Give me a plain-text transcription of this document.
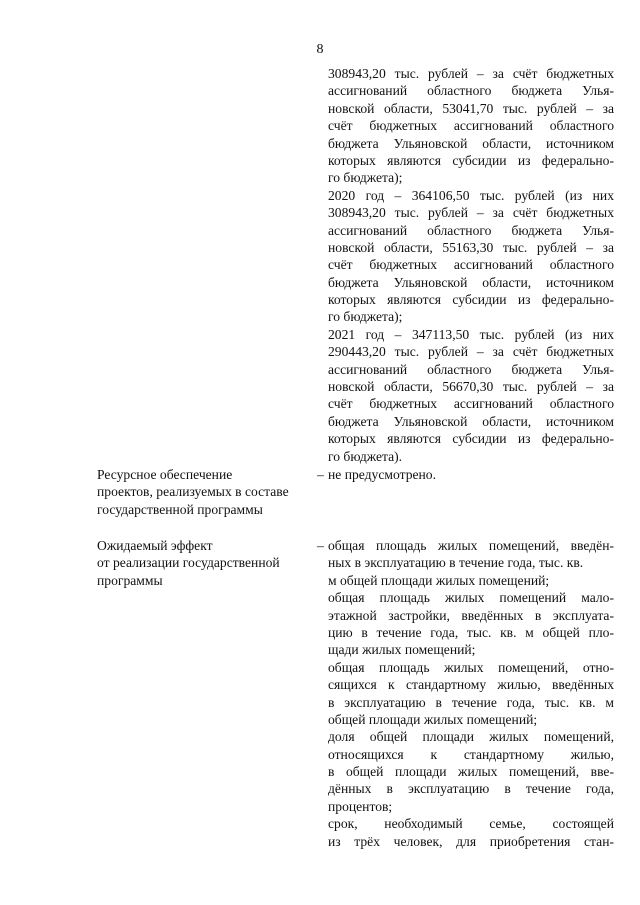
8
308943,20 тыс. рублей – за счёт бюджетных
ассигнований областного бюджета Улья-
новской области, 53041,70 тыс. рублей – за
счёт бюджетных ассигнований областного
бюджета Ульяновской области, источником
которых являются субсидии из федерально-
го бюджета);
2020 год – 364106,50 тыс. рублей (из них
308943,20 тыс. рублей – за счёт бюджетных
ассигнований областного бюджета Улья-
новской области, 55163,30 тыс. рублей – за
счёт бюджетных ассигнований областного
бюджета Ульяновской области, источником
которых являются субсидии из федерально-
го бюджета);
2021 год – 347113,50 тыс. рублей (из них
290443,20 тыс. рублей – за счёт бюджетных
ассигнований областного бюджета Улья-
новской области, 56670,30 тыс. рублей – за
счёт бюджетных ассигнований областного
бюджета Ульяновской области, источником
которых являются субсидии из федерально-
го бюджета).
Ресурсное обеспечение
проектов, реализуемых в составе
государственной программы
– не предусмотрено.
Ожидаемый эффект
от реализации государственной
программы
– общая площадь жилых помещений, введён-
ных в эксплуатацию в течение года, тыс. кв.
м общей площади жилых помещений;
общая площадь жилых помещений мало-
этажной застройки, введённых в эксплуата-
цию в течение года, тыс. кв. м общей пло-
щади жилых помещений;
общая площадь жилых помещений, отно-
сящихся к стандартному жилью, введённых
в эксплуатацию в течение года, тыс. кв. м
общей площади жилых помещений;
доля общей площади жилых помещений,
относящихся к стандартному жилью,
в общей площади жилых помещений, вве-
дённых в эксплуатацию в течение года,
процентов;
срок, необходимый семье, состоящей
из трёх человек, для приобретения стан-
